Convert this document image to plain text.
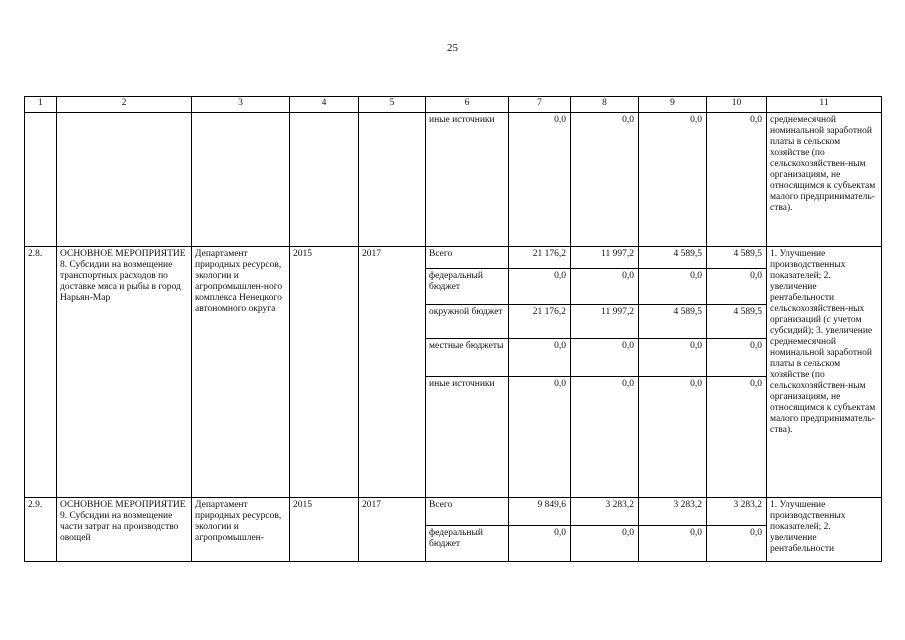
25
1	2	3	4	5	6	7	8	9	10	11
					иные источники	0,0	0,0	0,0	0,0	среднемесячной номинальной заработной платы в сельском хозяйстве (по сельскохозяйствен-ным организациям, не относящимся к субъектам малого предприниматель-ства).
2.8.	ОСНОВНОЕ МЕРОПРИЯТИЕ 8. Субсидии на возмещение транспортных расходов по доставке мяса и рыбы в город Нарьян-Мар	Департамент природных ресурсов, экологии и агропромышлен-ного комплекса Ненецкого автономного округа	2015	2017	Всего	21 176,2	11 997,2	4 589,5	4 589,5	1. Улучшение производственных показателей; 2. увеличение рентабельности сельскохозяйствен-ных организаций (с учетом субсидий); 3. увеличение среднемесячной номинальной заработной платы в сельском хозяйстве (по сельскохозяйствен-ным организациям, не относящимся к субъектам малого предприниматель-ства).
					федеральный бюджет	0,0	0,0	0,0	0,0	
					окружной бюджет	21 176,2	11 997,2	4 589,5	4 589,5	
					местные бюджеты	0,0	0,0	0,0	0,0	
					иные источники	0,0	0,0	0,0	0,0	
2.9.	ОСНОВНОЕ МЕРОПРИЯТИЕ 9. Субсидии на возмещение части затрат на производство овощей	Департамент природных ресурсов, экологии и агропромышлен-	2015	2017	Всего	9 849,6	3 283,2	3 283,2	3 283,2	1. Улучшение производственных показателей; 2. увеличение рентабельности
					федеральный бюджет	0,0	0,0	0,0	0,0	
